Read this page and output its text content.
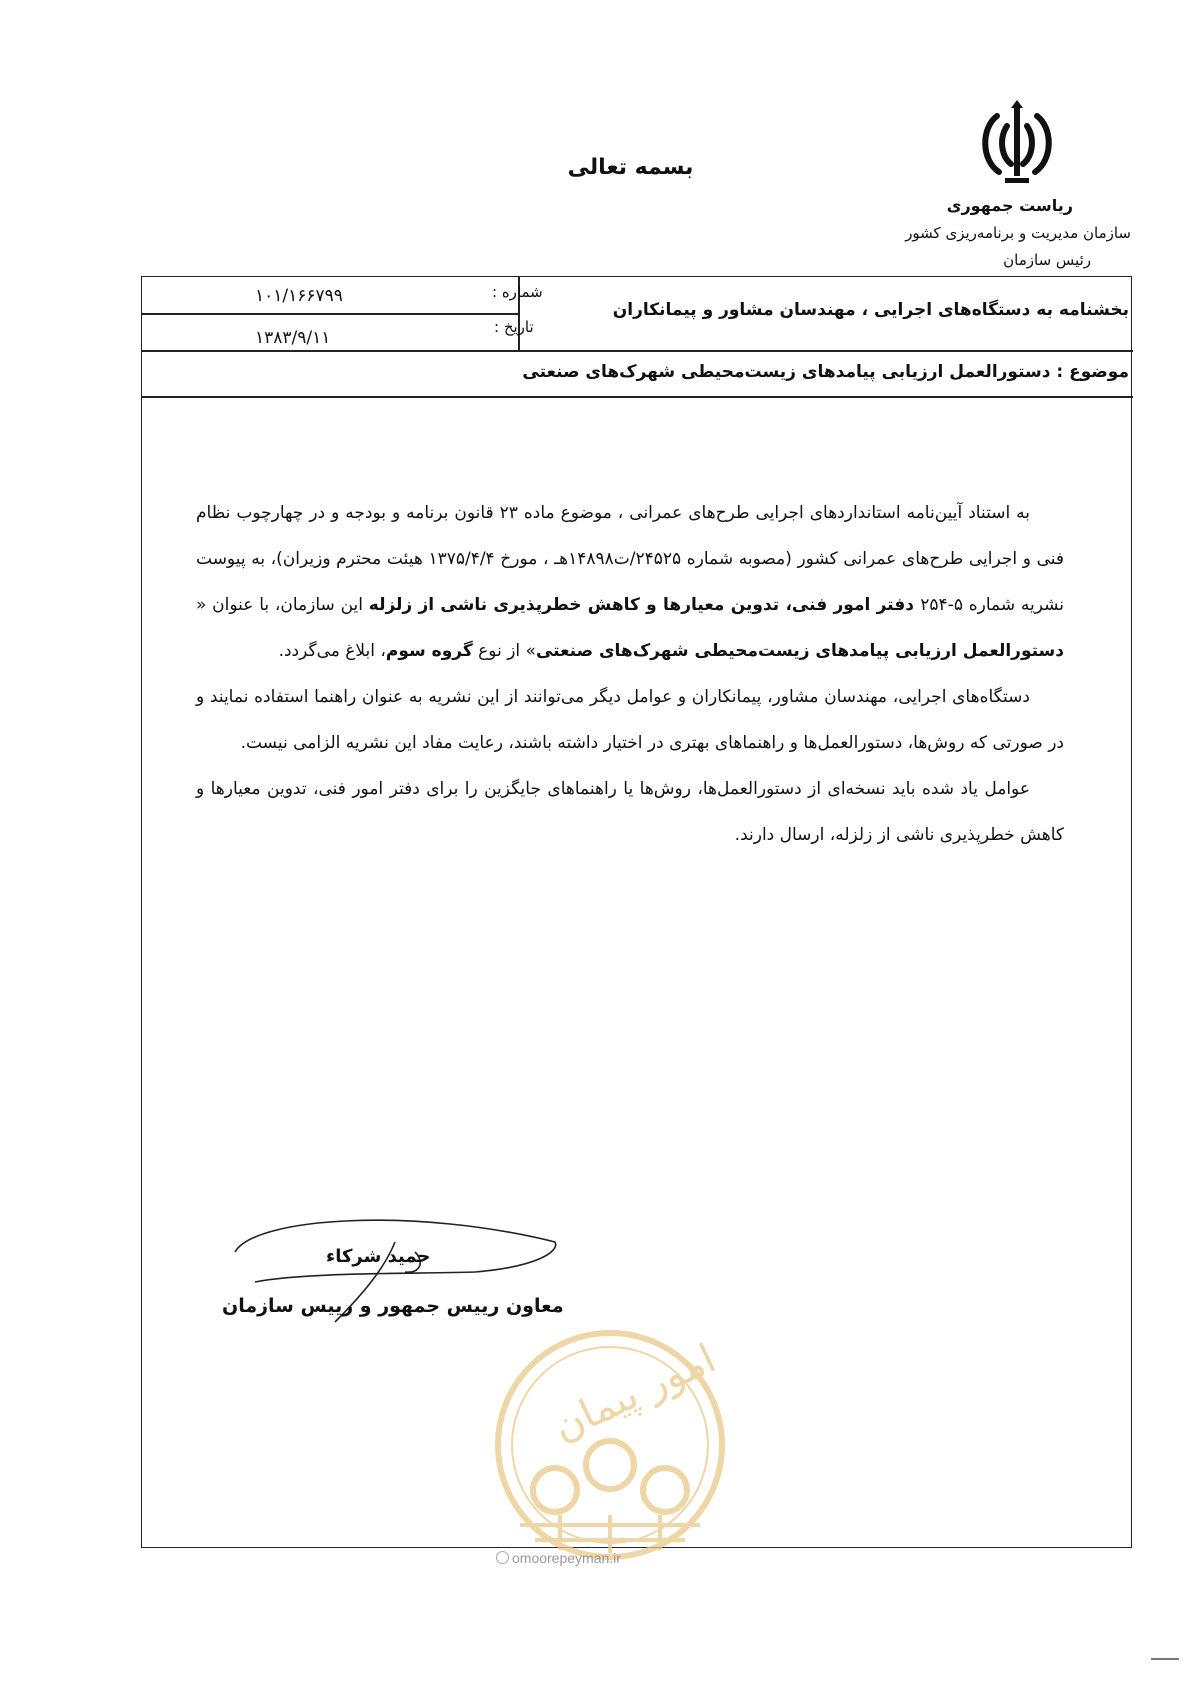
بسمه تعالی
ریاست جمهوری
سازمان مدیریت و برنامه‌ریزی کشور
رئیس سازمان
بخشنامه به دستگاه‌های اجرایی ، مهندسان مشاور و پیمانکاران
شماره :
۱۰۱/۱۶۶۷۹۹
تاریخ :
۱۳۸۳/۹/۱۱
موضوع : دستورالعمل ارزیابی پیامدهای زیست‌محیطی شهرک‌های صنعتی

به استناد آیین‌نامه استانداردهای اجرایی طرح‌های عمرانی ، موضوع ماده ۲۳ قانون برنامه و بودجه و در چهارچوب نظام فنی و اجرایی طرح‌های عمرانی کشور (مصوبه شماره ۲۴۵۲۵/ت۱۴۸۹۸هـ ، مورخ ۱۳۷۵/۴/۴ هیئت محترم وزیران)، به پیوست نشریه شماره ۵-۲۵۴ دفتر امور فنی، تدوین معیارها و کاهش خطرپذیری ناشی از زلزله این سازمان، با عنوان « دستورالعمل ارزیابی پیامدهای زیست‌محیطی شهرک‌های صنعتی» از نوع گروه سوم، ابلاغ می‌گردد.

دستگاه‌های اجرایی، مهندسان مشاور، پیمانکاران و عوامل دیگر می‌توانند از این نشریه به عنوان راهنما استفاده نمایند و در صورتی که روش‌ها، دستورالعمل‌ها و راهنماهای بهتری در اختیار داشته باشند، رعایت مفاد این نشریه الزامی نیست.

عوامل یاد شده باید نسخه‌ای از دستورالعمل‌ها، روش‌ها یا راهنماهای جایگزین را برای دفتر امور فنی، تدوین معیارها و کاهش خطرپذیری ناشی از زلزله، ارسال دارند.

حمید شرکاء
معاون رییس جمهور و رییس سازمان
امور پیمان
omoorepeyman.ir
